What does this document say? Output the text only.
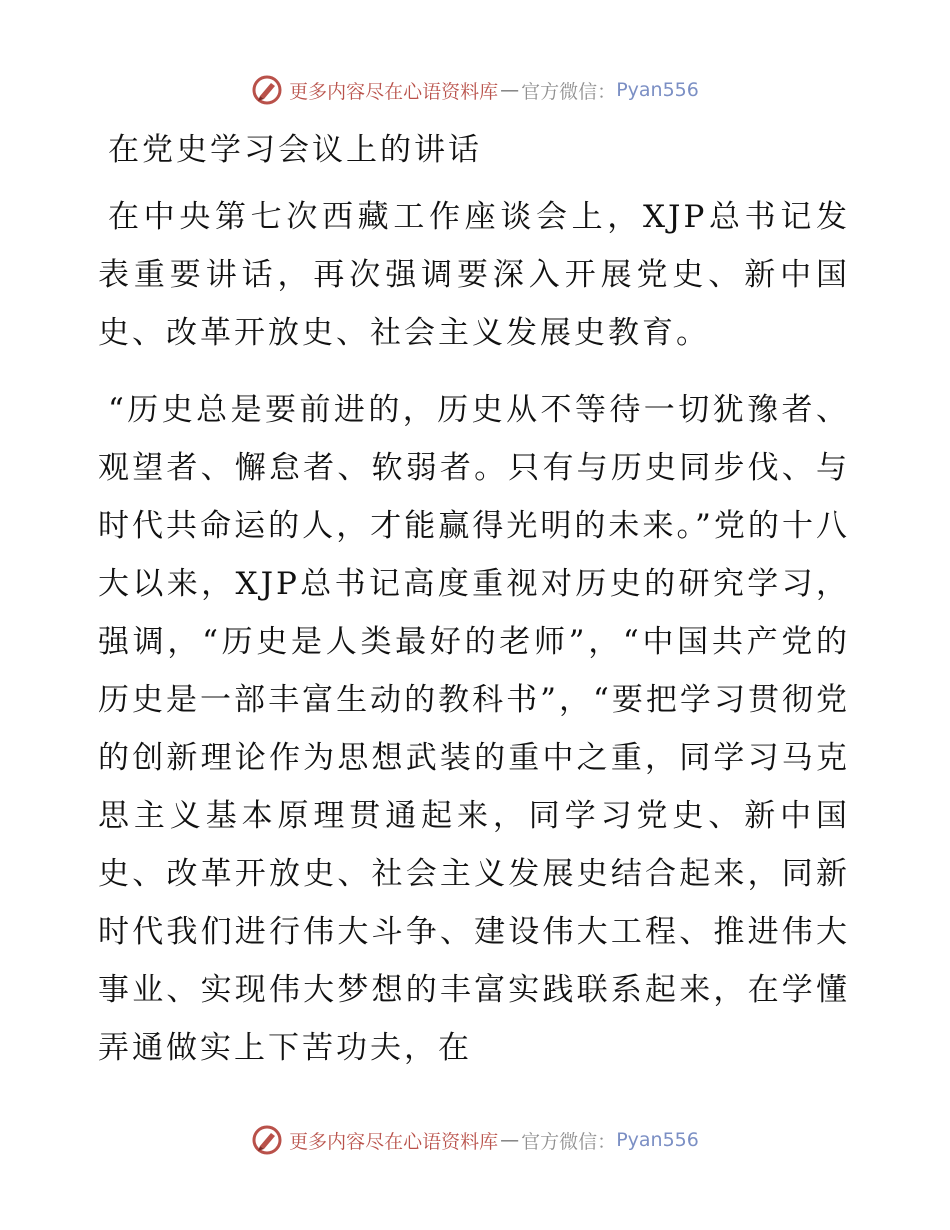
更多内容尽在心语资料库 — 官方微信： Pyan556
在党史学习会议上的讲话

在中央第七次西藏工作座谈会上，XJP总书记发表重要讲话，再次强调要深入开展党史、新中国史、改革开放史、社会主义发展史教育。

“历史总是要前进的，历史从不等待一切犹豫者、观望者、懈怠者、软弱者。只有与历史同步伐、与时代共命运的人，才能赢得光明的未来。”党的十八大以来，XJP总书记高度重视对历史的研究学习，强调，“历史是人类最好的老师”，“中国共产党的历史是一部丰富生动的教科书”，“要把学习贯彻党的创新理论作为思想武装的重中之重，同学习马克思主义基本原理贯通起来，同学习党史、新中国史、改革开放史、社会主义发展史结合起来，同新时代我们进行伟大斗争、建设伟大工程、推进伟大事业、实现伟大梦想的丰富实践联系起来，在学懂弄通做实上下苦功夫，在

更多内容尽在心语资料库 — 官方微信： Pyan556
